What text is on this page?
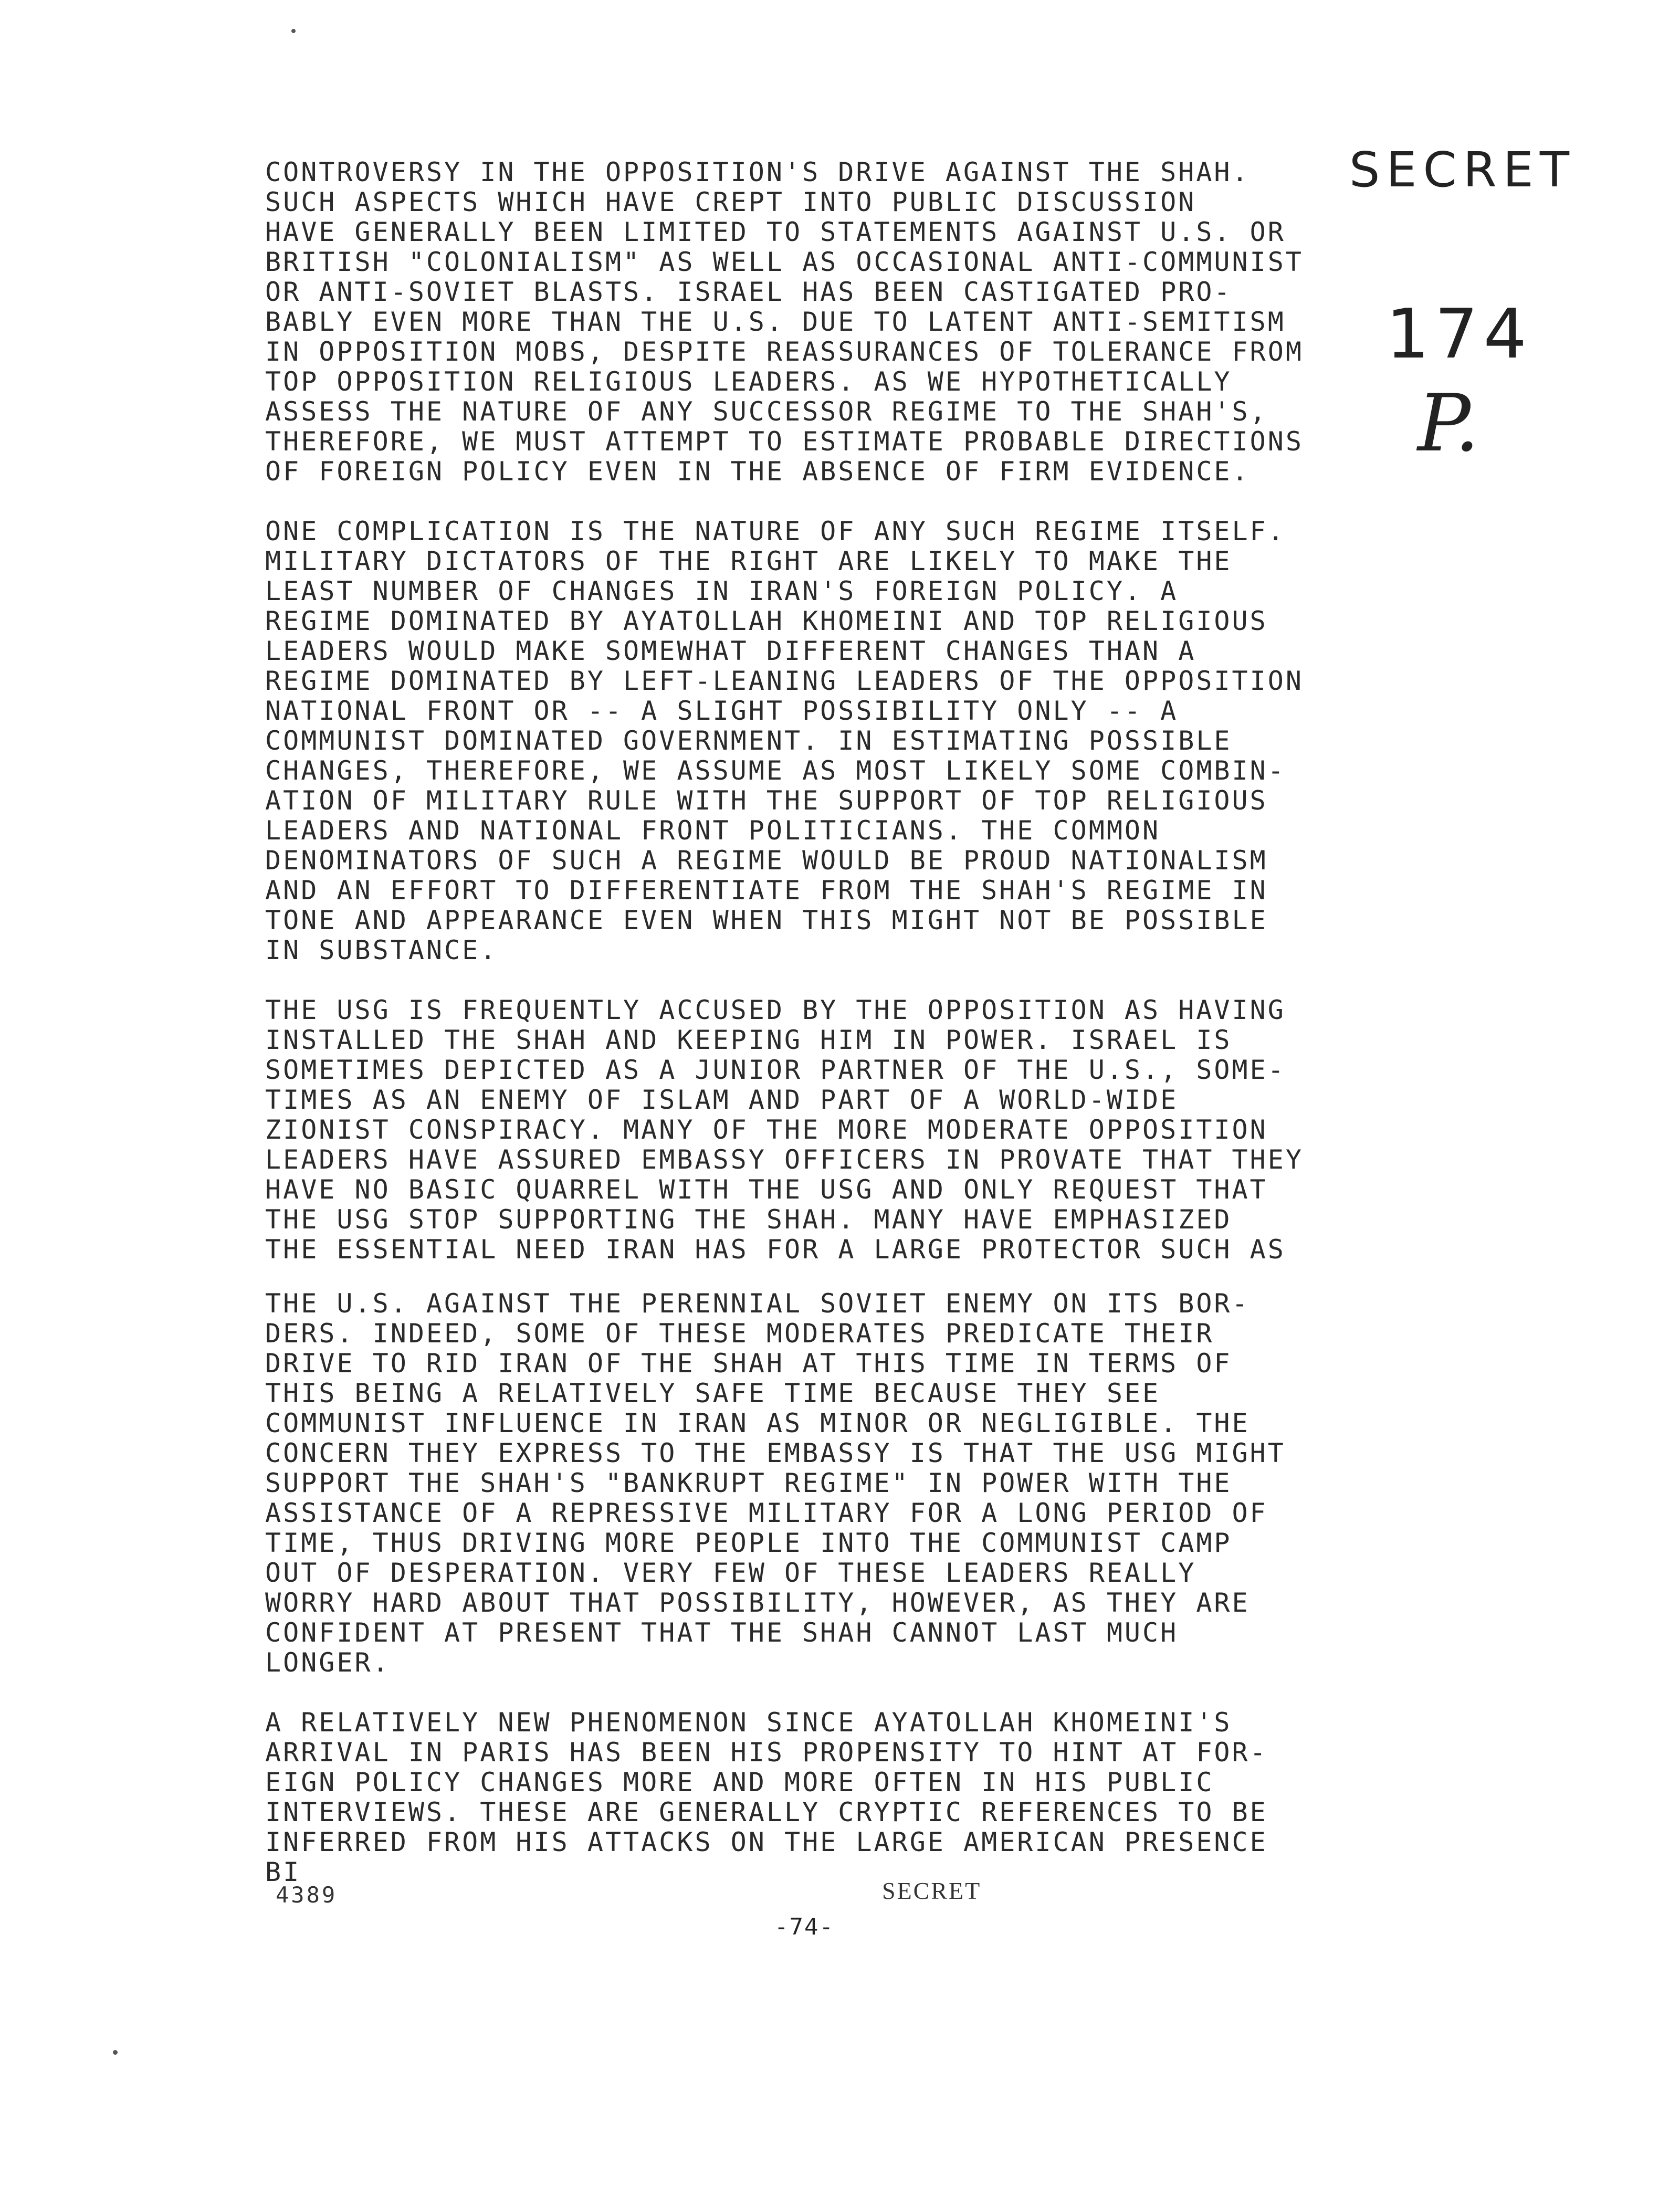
SECRET
174
P.
CONTROVERSY IN THE OPPOSITION'S DRIVE AGAINST THE SHAH.
SUCH ASPECTS WHICH HAVE CREPT INTO PUBLIC DISCUSSION
HAVE GENERALLY BEEN LIMITED TO STATEMENTS AGAINST U.S. OR
BRITISH "COLONIALISM" AS WELL AS OCCASIONAL ANTI-COMMUNIST
OR ANTI-SOVIET BLASTS. ISRAEL HAS BEEN CASTIGATED PRO-
BABLY EVEN MORE THAN THE U.S. DUE TO LATENT ANTI-SEMITISM
IN OPPOSITION MOBS, DESPITE REASSURANCES OF TOLERANCE FROM
TOP OPPOSITION RELIGIOUS LEADERS. AS WE HYPOTHETICALLY
ASSESS THE NATURE OF ANY SUCCESSOR REGIME TO THE SHAH'S,
THEREFORE, WE MUST ATTEMPT TO ESTIMATE PROBABLE DIRECTIONS
OF FOREIGN POLICY EVEN IN THE ABSENCE OF FIRM EVIDENCE.
ONE COMPLICATION IS THE NATURE OF ANY SUCH REGIME ITSELF.
MILITARY DICTATORS OF THE RIGHT ARE LIKELY TO MAKE THE
LEAST NUMBER OF CHANGES IN IRAN'S FOREIGN POLICY. A
REGIME DOMINATED BY AYATOLLAH KHOMEINI AND TOP RELIGIOUS
LEADERS WOULD MAKE SOMEWHAT DIFFERENT CHANGES THAN A
REGIME DOMINATED BY LEFT-LEANING LEADERS OF THE OPPOSITION
NATIONAL FRONT OR -- A SLIGHT POSSIBILITY ONLY -- A
COMMUNIST DOMINATED GOVERNMENT. IN ESTIMATING POSSIBLE
CHANGES, THEREFORE, WE ASSUME AS MOST LIKELY SOME COMBIN-
ATION OF MILITARY RULE WITH THE SUPPORT OF TOP RELIGIOUS
LEADERS AND NATIONAL FRONT POLITICIANS. THE COMMON
DENOMINATORS OF SUCH A REGIME WOULD BE PROUD NATIONALISM
AND AN EFFORT TO DIFFERENTIATE FROM THE SHAH'S REGIME IN
TONE AND APPEARANCE EVEN WHEN THIS MIGHT NOT BE POSSIBLE
IN SUBSTANCE.
THE USG IS FREQUENTLY ACCUSED BY THE OPPOSITION AS HAVING
INSTALLED THE SHAH AND KEEPING HIM IN POWER. ISRAEL IS
SOMETIMES DEPICTED AS A JUNIOR PARTNER OF THE U.S., SOME-
TIMES AS AN ENEMY OF ISLAM AND PART OF A WORLD-WIDE
ZIONIST CONSPIRACY. MANY OF THE MORE MODERATE OPPOSITION
LEADERS HAVE ASSURED EMBASSY OFFICERS IN PROVATE THAT THEY
HAVE NO BASIC QUARREL WITH THE USG AND ONLY REQUEST THAT
THE USG STOP SUPPORTING THE SHAH. MANY HAVE EMPHASIZED
THE ESSENTIAL NEED IRAN HAS FOR A LARGE PROTECTOR SUCH AS
THE U.S. AGAINST THE PERENNIAL SOVIET ENEMY ON ITS BOR-
DERS. INDEED, SOME OF THESE MODERATES PREDICATE THEIR
DRIVE TO RID IRAN OF THE SHAH AT THIS TIME IN TERMS OF
THIS BEING A RELATIVELY SAFE TIME BECAUSE THEY SEE
COMMUNIST INFLUENCE IN IRAN AS MINOR OR NEGLIGIBLE. THE
CONCERN THEY EXPRESS TO THE EMBASSY IS THAT THE USG MIGHT
SUPPORT THE SHAH'S "BANKRUPT REGIME" IN POWER WITH THE
ASSISTANCE OF A REPRESSIVE MILITARY FOR A LONG PERIOD OF
TIME, THUS DRIVING MORE PEOPLE INTO THE COMMUNIST CAMP
OUT OF DESPERATION. VERY FEW OF THESE LEADERS REALLY
WORRY HARD ABOUT THAT POSSIBILITY, HOWEVER, AS THEY ARE
CONFIDENT AT PRESENT THAT THE SHAH CANNOT LAST MUCH
LONGER.
A RELATIVELY NEW PHENOMENON SINCE AYATOLLAH KHOMEINI'S
ARRIVAL IN PARIS HAS BEEN HIS PROPENSITY TO HINT AT FOR-
EIGN POLICY CHANGES MORE AND MORE OFTEN IN HIS PUBLIC
INTERVIEWS. THESE ARE GENERALLY CRYPTIC REFERENCES TO BE
INFERRED FROM HIS ATTACKS ON THE LARGE AMERICAN PRESENCE
BI
4389	SECRET
-74-
